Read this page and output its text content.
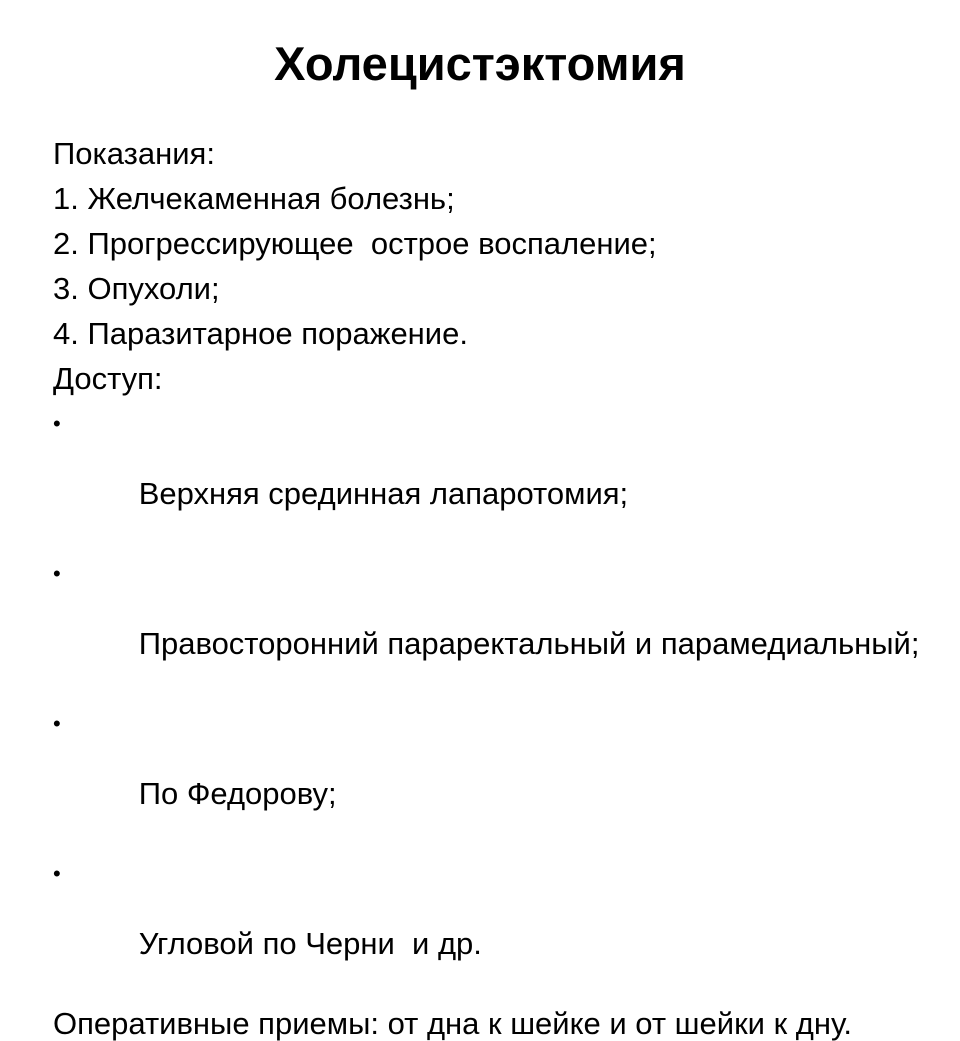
Холецистэктомия
Показания:
1. Желчекаменная болезнь;
2. Прогрессирующее  острое воспаление;
3. Опухоли;
4. Паразитарное поражение.
Доступ:

•

Верхняя срединная лапаротомия;

•

Правосторонний параректальный и парамедиальный;

•

По Федорову;

•

Угловой по Черни  и др.

Оперативные приемы: от дна к шейке и от шейки к дну.
